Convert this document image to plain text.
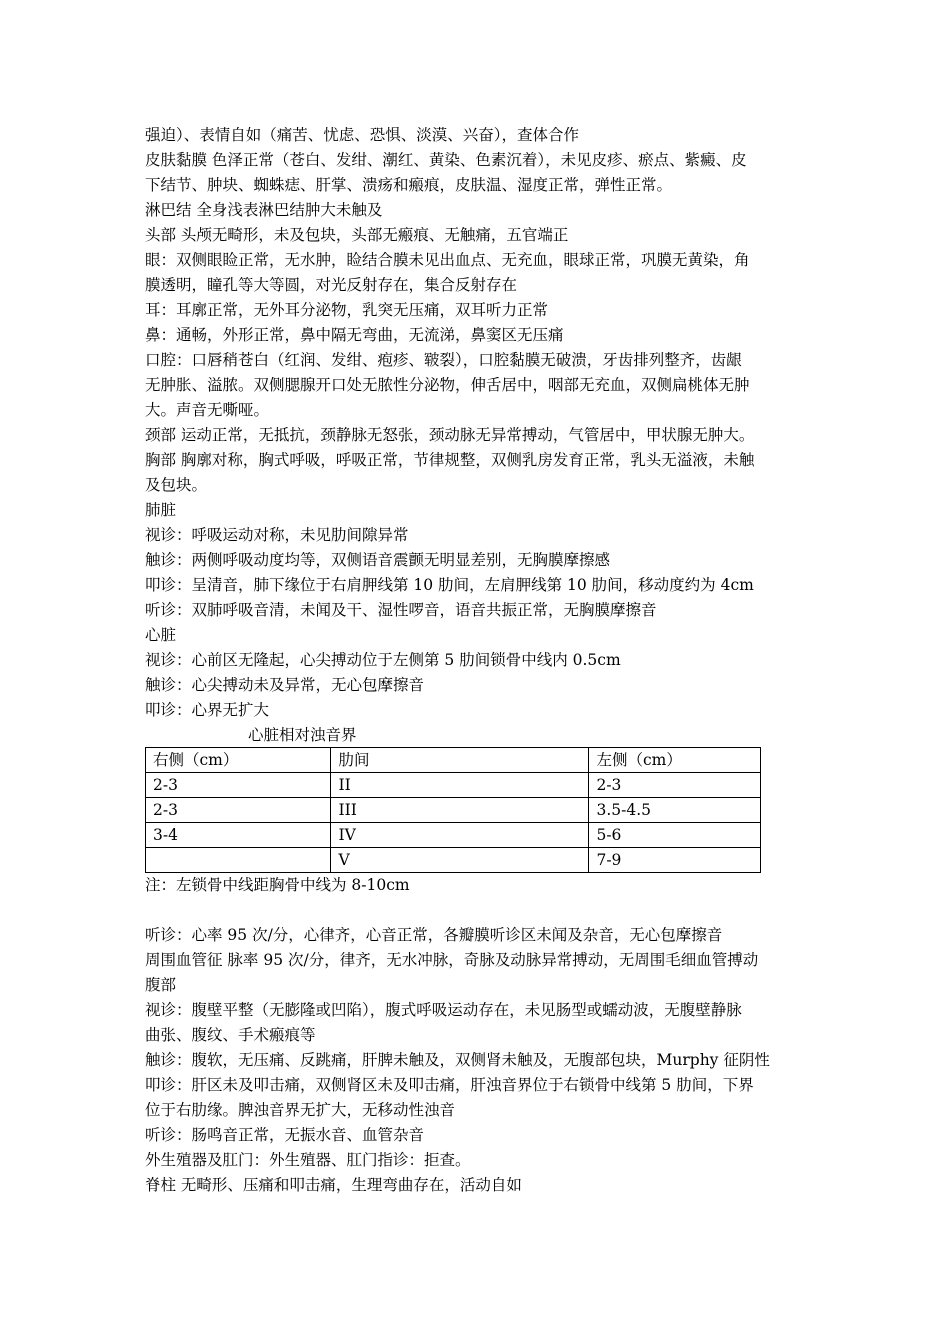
强迫）、表情自如（痛苦、忧虑、恐惧、淡漠、兴奋），查体合作
皮肤黏膜 色泽正常（苍白、发绀、潮红、黄染、色素沉着），未见皮疹、瘀点、紫癜、皮
下结节、肿块、蜘蛛痣、肝掌、溃疡和瘢痕，皮肤温、湿度正常，弹性正常。
淋巴结 全身浅表淋巴结肿大未触及
头部 头颅无畸形，未及包块，头部无瘢痕、无触痛，五官端正
眼：双侧眼睑正常，无水肿，睑结合膜未见出血点、无充血，眼球正常，巩膜无黄染，角
膜透明，瞳孔等大等圆，对光反射存在，集合反射存在
耳：耳廓正常，无外耳分泌物，乳突无压痛，双耳听力正常
鼻：通畅，外形正常，鼻中隔无弯曲，无流涕，鼻窦区无压痛
口腔：口唇稍苍白（红润、发绀、疱疹、皲裂），口腔黏膜无破溃，牙齿排列整齐，齿龈
无肿胀、溢脓。双侧腮腺开口处无脓性分泌物，伸舌居中，咽部无充血，双侧扁桃体无肿
大。声音无嘶哑。
颈部 运动正常，无抵抗，颈静脉无怒张，颈动脉无异常搏动，气管居中，甲状腺无肿大。
胸部 胸廓对称，胸式呼吸，呼吸正常，节律规整，双侧乳房发育正常，乳头无溢液，未触
及包块。
肺脏
视诊：呼吸运动对称，未见肋间隙异常
触诊：两侧呼吸动度均等，双侧语音震颤无明显差别，无胸膜摩擦感
叩诊：呈清音，肺下缘位于右肩胛线第 10 肋间，左肩胛线第 10 肋间，移动度约为 4cm
听诊：双肺呼吸音清，未闻及干、湿性啰音，语音共振正常，无胸膜摩擦音
心脏
视诊：心前区无隆起，心尖搏动位于左侧第 5 肋间锁骨中线内 0.5cm
触诊：心尖搏动未及异常，无心包摩擦音
叩诊：心界无扩大
心脏相对浊音界
右侧（cm）	肋间	左侧（cm）
2-3	II	2-3
2-3	III	3.5-4.5
3-4	IV	5-6
	V	7-9
注：左锁骨中线距胸骨中线为 8-10cm
听诊：心率 95 次/分，心律齐，心音正常，各瓣膜听诊区未闻及杂音，无心包摩擦音
周围血管征 脉率 95 次/分，律齐，无水冲脉，奇脉及动脉异常搏动，无周围毛细血管搏动
腹部
视诊：腹壁平整（无膨隆或凹陷），腹式呼吸运动存在，未见肠型或蠕动波，无腹壁静脉
曲张、腹纹、手术瘢痕等
触诊：腹软，无压痛、反跳痛，肝脾未触及，双侧肾未触及，无腹部包块，Murphy 征阴性
叩诊：肝区未及叩击痛，双侧肾区未及叩击痛，肝浊音界位于右锁骨中线第 5 肋间，下界
位于右肋缘。脾浊音界无扩大，无移动性浊音
听诊：肠鸣音正常，无振水音、血管杂音
外生殖器及肛门：外生殖器、肛门指诊：拒查。
脊柱 无畸形、压痛和叩击痛，生理弯曲存在，活动自如
